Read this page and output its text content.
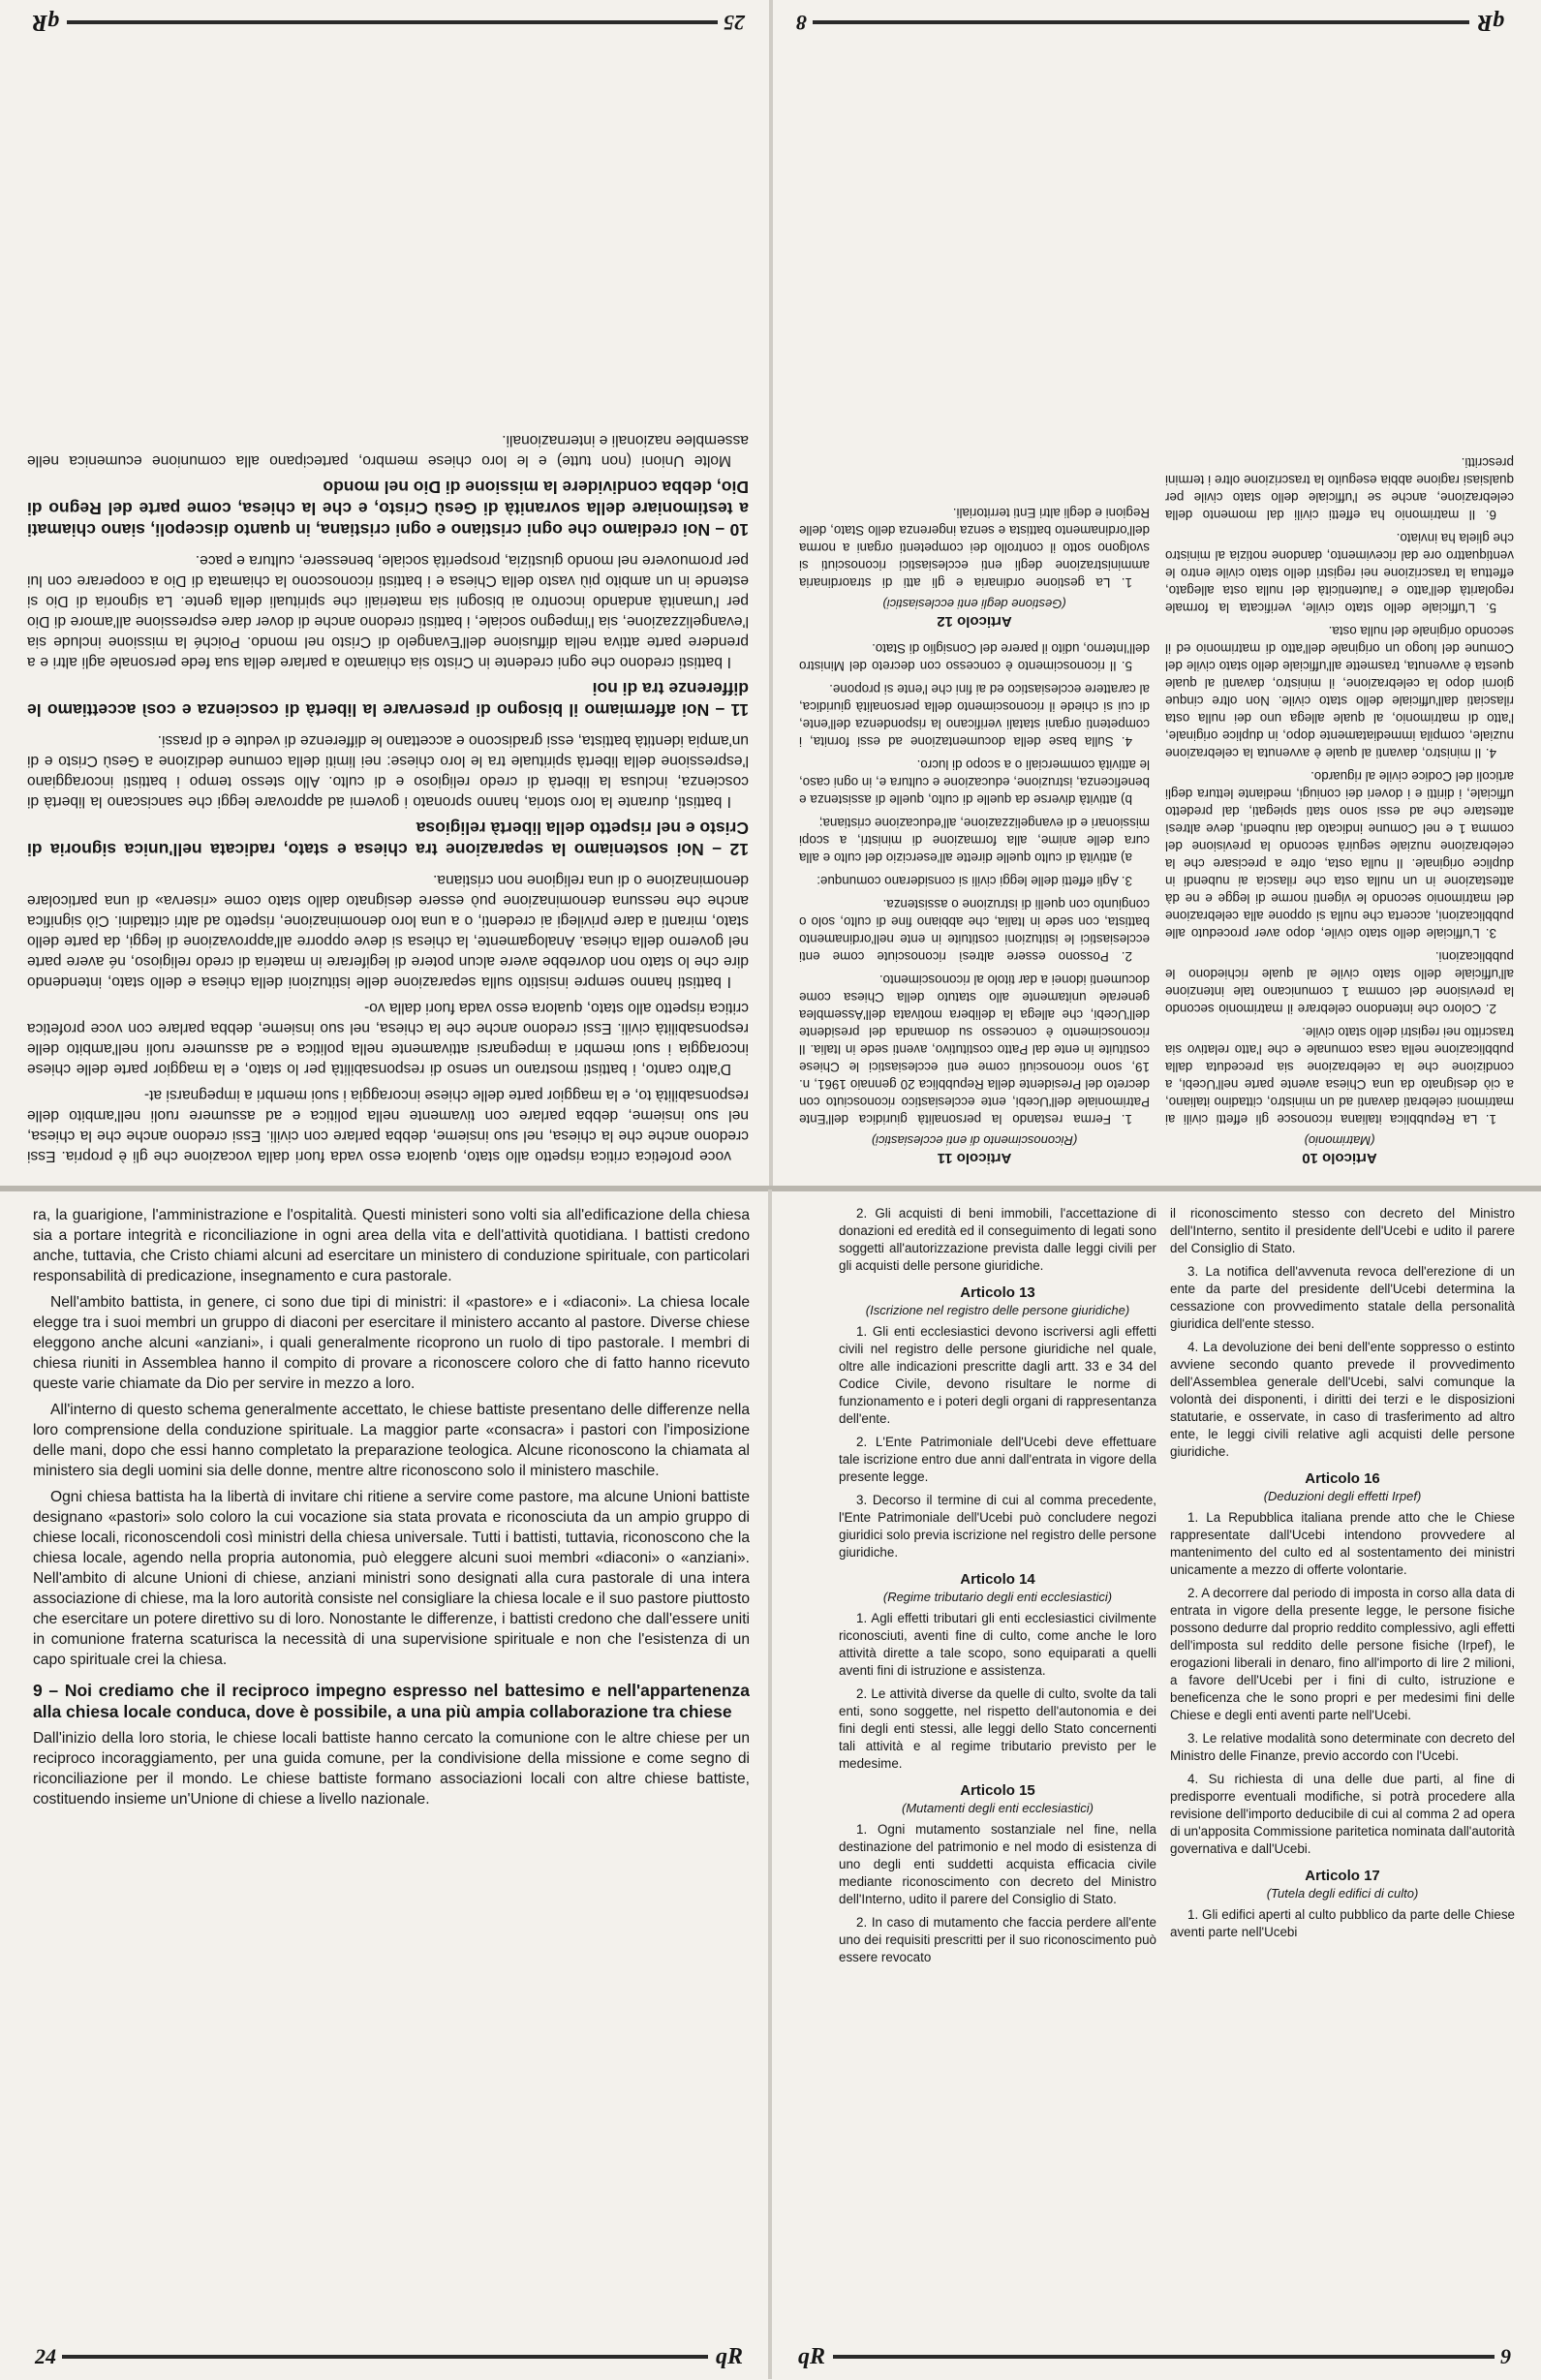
Articolo 10
(Matrimonio)

1. La Repubblica italiana riconosce gli effetti civili ai matrimoni celebrati davanti ad un ministro, cittadino italiano, a ciò designato da una Chiesa avente parte nell'Ucebi, a condizione che la celebrazione sia preceduta dalla pubblicazione nella casa comunale e che l'atto relativo sia trascritto nei registri dello stato civile.

2. Coloro che intendono celebrare il matrimonio secondo la previsione del comma 1 comunicano tale intenzione all'ufficiale dello stato civile al quale richiedono le pubblicazioni.

3. L'ufficiale dello stato civile, dopo aver proceduto alle pubblicazioni, accerta che nulla si oppone alla celebrazione del matrimonio secondo le vigenti norme di legge e ne dà attestazione in un nulla osta che rilascia ai nubendi in duplice originale. Il nulla osta, oltre a precisare che la celebrazione nuziale seguirà secondo la previsione del comma 1 e nel Comune indicato dai nubendi, deve altresì attestare che ad essi sono stati spiegati, dal predetto ufficiale, i diritti e i doveri dei coniugi, mediante lettura degli articoli del Codice civile al riguardo.

4. Il ministro, davanti al quale è avvenuta la celebrazione nuziale, compila immediatamente dopo, in duplice originale, l'atto di matrimonio, al quale allega uno dei nulla osta rilasciati dall'ufficiale dello stato civile. Non oltre cinque giorni dopo la celebrazione, il ministro, davanti al quale questa è avvenuta, trasmette all'ufficiale dello stato civile del Comune del luogo un originale dell'atto di matrimonio ed il secondo originale del nulla osta.

5. L'ufficiale dello stato civile, verificata la formale regolarità dell'atto e l'autenticità del nulla osta allegato, effettua la trascrizione nei registri dello stato civile entro le ventiquattro ore dal ricevimento, dandone notizia al ministro che gliela ha inviato.

6. Il matrimonio ha effetti civili dal momento della celebrazione, anche se l'ufficiale dello stato civile per qualsiasi ragione abbia eseguito la trascrizione oltre i termini prescritti.

Articolo 11
(Riconoscimento di enti ecclesiastici)

1. Ferma restando la personalità giuridica dell'Ente Patrimoniale dell'Ucebi, ente ecclesiastico riconosciuto con decreto del Presidente della Repubblica 20 gennaio 1961, n. 19, sono riconosciuti come enti ecclesiastici le Chiese costituite in ente dal Patto costitutivo, aventi sede in Italia. Il riconoscimento è concesso su domanda del presidente dell'Ucebi, che allega la delibera motivata dell'Assemblea generale unitamente allo statuto della Chiesa come documenti idonei a dar titolo al riconoscimento.

2. Possono essere altresì riconosciute come enti ecclesiastici le istituzioni costituite in ente nell'ordinamento battista, con sede in Italia, che abbiano fine di culto, solo o congiunto con quelli di istruzione o assistenza.

3. Agli effetti delle leggi civili si considerano comunque:

a) attività di culto quelle dirette all'esercizio del culto e alla cura delle anime, alla formazione di ministri, a scopi missionari e di evangelizzazione, all'educazione cristiana;

b) attività diverse da quelle di culto, quelle di assistenza e beneficenza, istruzione, educazione e cultura e, in ogni caso, le attività commerciali o a scopo di lucro.

4. Sulla base della documentazione ad essi fornita, i competenti organi statali verificano la rispondenza dell'ente, di cui si chiede il riconoscimento della personalità giuridica, al carattere ecclesiastico ed ai fini che l'ente si propone.

5. Il riconoscimento è concesso con decreto del Ministro dell'Interno, udito il parere del Consiglio di Stato.

Articolo 12
(Gestione degli enti ecclesiastici)

1. La gestione ordinaria e gli atti di straordinaria amministrazione degli enti ecclesiastici riconosciuti si svolgono sotto il controllo dei competenti organi a norma dell'ordinamento battista e senza ingerenza dello Stato, delle Regioni e degli altri Enti territoriali.

qR
8

voce profetica critica rispetto allo stato, qualora esso vada fuori dalla vocazione che gli è propria. Essi credono anche che la chiesa, nel suo insieme, debba parlare con civili. Essi credono anche che la chiesa, nel suo insieme, debba parlare con tivamente nella politica e ad assumere ruoli nell'ambito delle responsabilità to, e la maggior parte delle chiese incoraggia i suoi membri a impegnarsi at-

D'altro canto, i battisti mostrano un senso di responsabilità per lo stato, e la maggior parte delle chiese incoraggia i suoi membri a impegnarsi attivamente nella politica e ad assumere ruoli nell'ambito delle responsabilità civili. Essi credono anche che la chiesa, nel suo insieme, debba parlare con voce profetica critica rispetto allo stato, qualora esso vada fuori dalla vo-

I battisti hanno sempre insistito sulla separazione delle istituzioni della chiesa e dello stato, intendendo dire che lo stato non dovrebbe avere alcun potere di legiferare in materia di credo religioso, né avere parte nel governo della chiesa. Analogamente, la chiesa si deve opporre all'approvazione di leggi, da parte dello stato, miranti a dare privilegi ai credenti, o a una loro denominazione, rispetto ad altri cittadini. Ciò significa anche che nessuna denominazione può essere designato dallo stato come «riserva» di una particolare denominazione o di una religione non cristiana.

12 – Noi sosteniamo la separazione tra chiesa e stato, radicata nell'unica signoria di Cristo e nel rispetto della libertà religiosa

I battisti, durante la loro storia, hanno spronato i governi ad approvare leggi che sanciscano la libertà di coscienza, inclusa la libertà di credo religioso e di culto. Allo stesso tempo i battisti incoraggiano l'espressione della libertà spirituale tra le loro chiese: nei limiti della comune dedizione a Gesù Cristo e di un'ampia identità battista, essi gradiscono e accettano le differenze di vedute e di prassi.

11 – Noi affermiamo il bisogno di preservare la libertà di coscienza e così accettiamo le differenze tra di noi

I battisti credono che ogni credente in Cristo sia chiamato a parlare della sua fede personale agli altri e a prendere parte attiva nella diffusione dell'Evangelo di Cristo nel mondo. Poiché la missione include sia l'evangelizzazione, sia l'impegno sociale, i battisti credono anche di dover dare espressione all'amore di Dio per l'umanità andando incontro ai bisogni sia materiali che spirituali della gente. La signoria di Dio si estende in un ambito più vasto della Chiesa e i battisti riconoscono la chiamata di Dio a cooperare con lui per promuovere nel mondo giustizia, prosperità sociale, benessere, cultura e pace.

10 – Noi crediamo che ogni cristiano e ogni cristiana, in quanto discepoli, siano chiamati a testimoniare della sovranità di Gesù Cristo, e che la chiesa, come parte del Regno di Dio, debba condividere la missione di Dio nel mondo

Molte Unioni (non tutte) e le loro chiese membro, partecipano alla comunione ecumenica nelle assemblee nazionali e internazionali.

25
qR

ra, la guarigione, l'amministrazione e l'ospitalità. Questi ministeri sono volti sia all'edificazione della chiesa sia a portare integrità e riconciliazione in ogni area della vita e dell'attività quotidiana. I battisti credono anche, tuttavia, che Cristo chiami alcuni ad esercitare un ministero di conduzione spirituale, con particolari responsabilità di predicazione, insegnamento e cura pastorale.

Nell'ambito battista, in genere, ci sono due tipi di ministri: il «pastore» e i «diaconi». La chiesa locale elegge tra i suoi membri un gruppo di diaconi per esercitare il ministero accanto al pastore. Diverse chiese eleggono anche alcuni «anziani», i quali generalmente ricoprono un ruolo di tipo pastorale. I membri di chiesa riuniti in Assemblea hanno il compito di provare a riconoscere coloro che di fatto hanno ricevuto queste varie chiamate da Dio per servire in mezzo a loro.

All'interno di questo schema generalmente accettato, le chiese battiste presentano delle differenze nella loro comprensione della conduzione spirituale. La maggior parte «consacra» i pastori con l'imposizione delle mani, dopo che essi hanno completato la preparazione teologica. Alcune riconoscono la chiamata al ministero sia degli uomini sia delle donne, mentre altre riconoscono solo il ministero maschile.

Ogni chiesa battista ha la libertà di invitare chi ritiene a servire come pastore, ma alcune Unioni battiste designano «pastori» solo coloro la cui vocazione sia stata provata e riconosciuta da un ampio gruppo di chiese locali, riconoscendoli così ministri della chiesa universale. Tutti i battisti, tuttavia, riconoscono che la chiesa locale, agendo nella propria autonomia, può eleggere alcuni suoi membri «diaconi» o «anziani». Nell'ambito di alcune Unioni di chiese, anziani ministri sono designati alla cura pastorale di una intera associazione di chiese, ma la loro autorità consiste nel consigliare la chiesa locale e il suo pastore piuttosto che esercitare un potere direttivo su di loro. Nonostante le differenze, i battisti credono che dall'essere uniti in comunione fraterna scaturisca la necessità di una supervisione spirituale e non che l'esistenza di un capo spirituale crei la chiesa.

9 – Noi crediamo che il reciproco impegno espresso nel battesimo e nell'appartenenza alla chiesa locale conduca, dove è possibile, a una più ampia collaborazione tra chiese

Dall'inizio della loro storia, le chiese locali battiste hanno cercato la comunione con le altre chiese per un reciproco incoraggiamento, per una guida comune, per la condivisione della missione e come segno di riconciliazione per il mondo. Le chiese battiste formano associazioni locali con altre chiese battiste, costituendo insieme un'Unione di chiese a livello nazionale.

24	qR

2. Gli acquisti di beni immobili, l'accettazione di donazioni ed eredità ed il conseguimento di legati sono soggetti all'autorizzazione prevista dalle leggi civili per gli acquisti delle persone giuridiche.

Articolo 13
(Iscrizione nel registro delle persone giuridiche)

1. Gli enti ecclesiastici devono iscriversi agli effetti civili nel registro delle persone giuridiche nel quale, oltre alle indicazioni prescritte dagli artt. 33 e 34 del Codice Civile, devono risultare le norme di funzionamento e i poteri degli organi di rappresentanza dell'ente.

2. L'Ente Patrimoniale dell'Ucebi deve effettuare tale iscrizione entro due anni dall'entrata in vigore della presente legge.

3. Decorso il termine di cui al comma precedente, l'Ente Patrimoniale dell'Ucebi può concludere negozi giuridici solo previa iscrizione nel registro delle persone giuridiche.

Articolo 14
(Regime tributario degli enti ecclesiastici)

1. Agli effetti tributari gli enti ecclesiastici civilmente riconosciuti, aventi fine di culto, come anche le loro attività dirette a tale scopo, sono equiparati a quelli aventi fini di istruzione e assistenza.

2. Le attività diverse da quelle di culto, svolte da tali enti, sono soggette, nel rispetto dell'autonomia e dei fini degli enti stessi, alle leggi dello Stato concernenti tali attività e al regime tributario previsto per le medesime.

Articolo 15
(Mutamenti degli enti ecclesiastici)

1. Ogni mutamento sostanziale nel fine, nella destinazione del patrimonio e nel modo di esistenza di uno degli enti suddetti acquista efficacia civile mediante riconoscimento con decreto del Ministro dell'Interno, udito il parere del Consiglio di Stato.

2. In caso di mutamento che faccia perdere all'ente uno dei requisiti prescritti per il suo riconoscimento può essere revocato

il riconoscimento stesso con decreto del Ministro dell'Interno, sentito il presidente dell'Ucebi e udito il parere del Consiglio di Stato.

3. La notifica dell'avvenuta revoca dell'erezione di un ente da parte del presidente dell'Ucebi determina la cessazione con provvedimento statale della personalità giuridica dell'ente stesso.

4. La devoluzione dei beni dell'ente soppresso o estinto avviene secondo quanto prevede il provvedimento dell'Assemblea generale dell'Ucebi, salvi comunque la volontà dei disponenti, i diritti dei terzi e le disposizioni statutarie, e osservate, in caso di trasferimento ad altro ente, le leggi civili relative agli acquisti delle persone giuridiche.

Articolo 16
(Deduzioni degli effetti Irpef)

1. La Repubblica italiana prende atto che le Chiese rappresentate dall'Ucebi intendono provvedere al mantenimento del culto ed al sostentamento dei ministri unicamente a mezzo di offerte volontarie.

2. A decorrere dal periodo di imposta in corso alla data di entrata in vigore della presente legge, le persone fisiche possono dedurre dal proprio reddito complessivo, agli effetti dell'imposta sul reddito delle persone fisiche (Irpef), le erogazioni liberali in denaro, fino all'importo di lire 2 milioni, a favore dell'Ucebi per i fini di culto, istruzione e beneficenza che le sono propri e per medesimi fini delle Chiese e degli enti aventi parte nell'Ucebi.

3. Le relative modalità sono determinate con decreto del Ministro delle Finanze, previo accordo con l'Ucebi.

4. Su richiesta di una delle due parti, al fine di predisporre eventuali modifiche, si potrà procedere alla revisione dell'importo deducibile di cui al comma 2 ad opera di un'apposita Commissione paritetica nominata dall'autorità governativa e dall'Ucebi.

Articolo 17
(Tutela degli edifici di culto)

1. Gli edifici aperti al culto pubblico da parte delle Chiese aventi parte nell'Ucebi

qR	9
